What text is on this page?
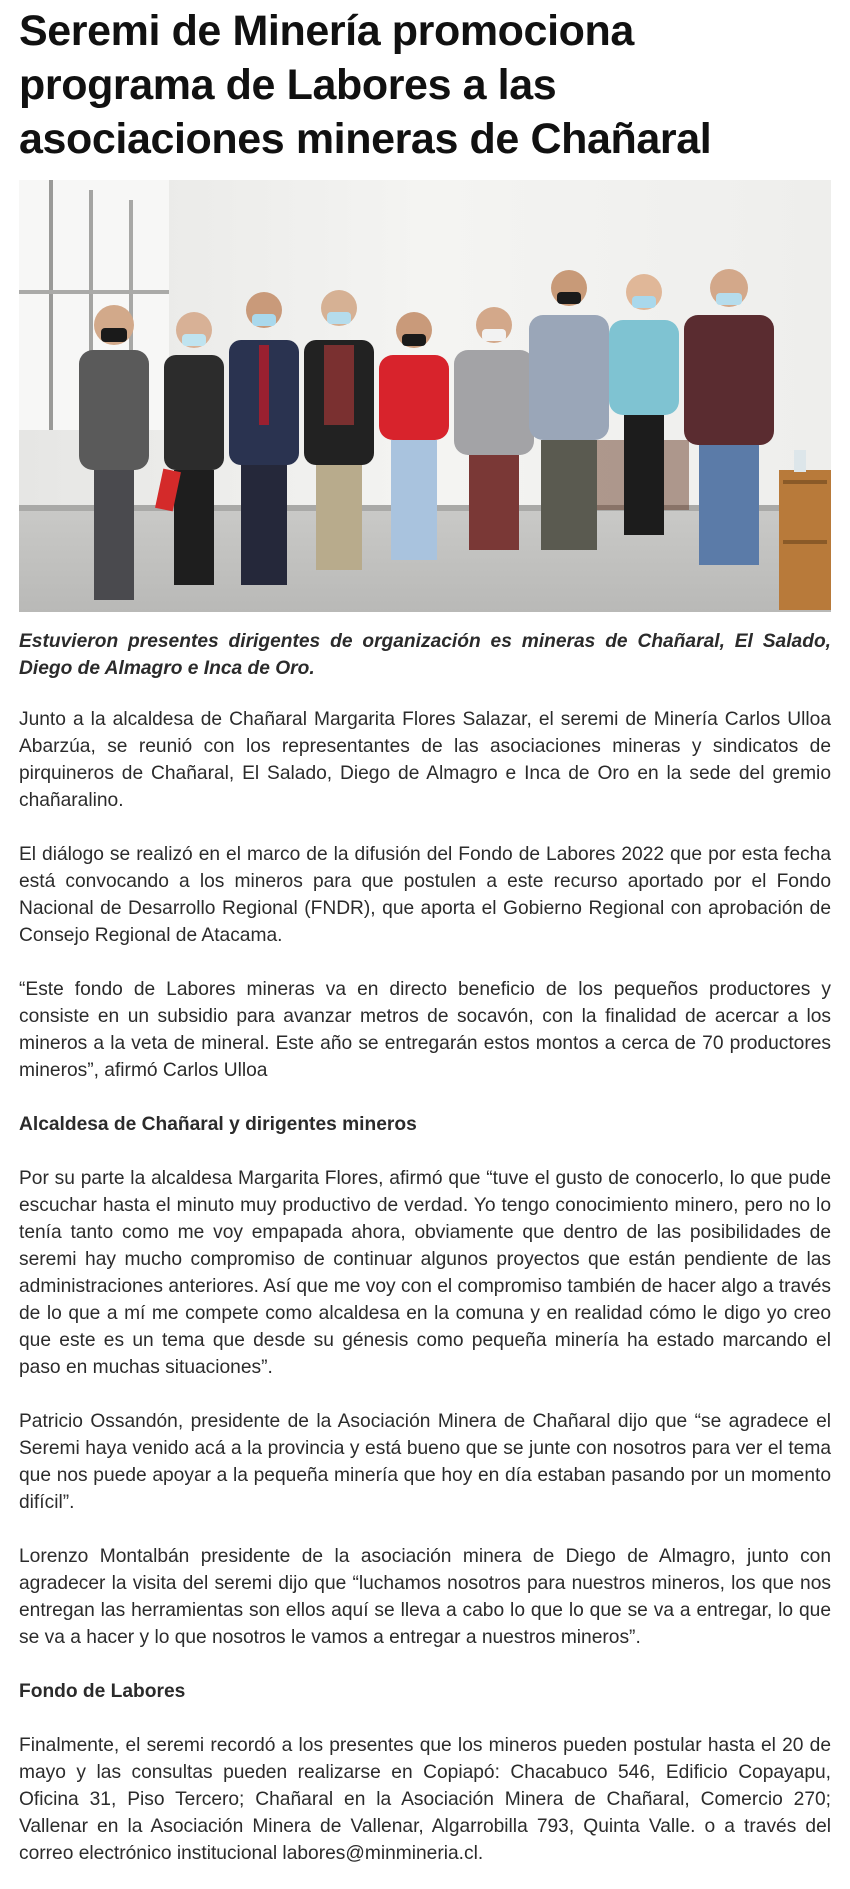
Seremi de Minería promociona programa de Labores a las asociaciones mineras de Chañaral

Estuvieron presentes dirigentes de organización es mineras de Chañaral, El Salado, Diego de Almagro e Inca de Oro.

Junto a la alcaldesa de Chañaral Margarita Flores Salazar, el seremi de Minería Carlos Ulloa Abarzúa, se reunió con los representantes de las asociaciones mineras y sindicatos de pirquineros de Chañaral, El Salado, Diego de Almagro e Inca de Oro en la sede del gremio chañaralino.

El diálogo se realizó en el marco de la difusión del Fondo de Labores 2022 que por esta fecha está convocando a los mineros para que postulen a este recurso aportado por el Fondo Nacional de Desarrollo Regional (FNDR), que aporta el Gobierno Regional con aprobación de Consejo Regional de Atacama.

“Este fondo de Labores mineras va en directo beneficio de los pequeños productores y consiste en un subsidio para avanzar metros de socavón, con la finalidad de acercar a los mineros a la veta de mineral. Este año se entregarán estos montos a cerca de 70 productores mineros”, afirmó Carlos Ulloa

Alcaldesa de Chañaral y dirigentes mineros

Por su parte la alcaldesa Margarita Flores, afirmó que “tuve el gusto de conocerlo, lo que pude escuchar hasta el minuto muy productivo de verdad. Yo tengo conocimiento minero, pero no lo tenía tanto como me voy empapada ahora, obviamente que dentro de las posibilidades de seremi hay mucho compromiso de continuar algunos proyectos que están pendiente de las administraciones anteriores. Así que me voy con el compromiso también de hacer algo a través de lo que a mí me compete como alcaldesa en la comuna y en realidad cómo le digo yo creo que este es un tema que desde su génesis como pequeña minería ha estado marcando el paso en muchas situaciones”.

Patricio Ossandón, presidente de la Asociación Minera de Chañaral dijo que “se agradece el Seremi haya venido acá a la provincia y está bueno que se junte con nosotros para ver el tema que nos puede apoyar a la pequeña minería que hoy en día estaban pasando por un momento difícil”.

Lorenzo Montalbán presidente de la asociación minera de Diego de Almagro, junto con agradecer la visita del seremi dijo que “luchamos nosotros para nuestros mineros, los que nos entregan las herramientas son ellos aquí se lleva a cabo lo que lo que se va a entregar, lo que se va a hacer y lo que nosotros le vamos a entregar a nuestros mineros”.

Fondo de Labores

Finalmente, el seremi recordó a los presentes que los mineros pueden postular hasta el 20 de mayo y las consultas pueden realizarse en Copiapó: Chacabuco 546, Edificio Copayapu, Oficina 31, Piso Tercero; Chañaral en la Asociación Minera de Chañaral, Comercio 270; Vallenar en la Asociación Minera de Vallenar, Algarrobilla 793, Quinta Valle. o a través del correo electrónico institucional labores@minmineria.cl.
